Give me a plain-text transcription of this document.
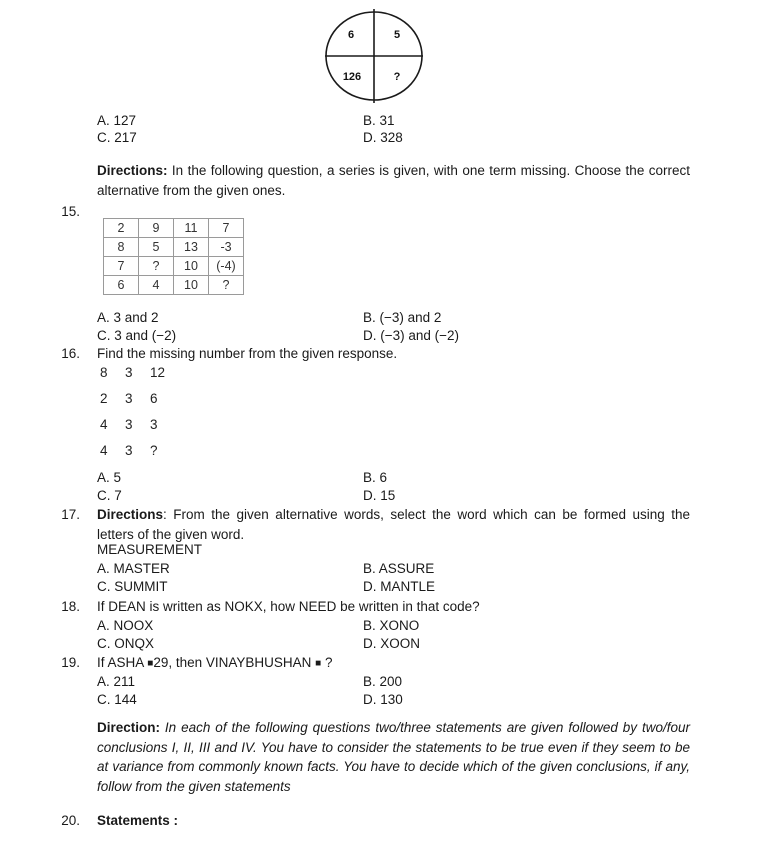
6	5
126	?
A. 127	B. 31
C. 217	D. 328
Directions: In the following question, a series is given, with one term missing. Choose the correct alternative from the given ones.
15.
2	9	11	7
8	5	13	-3
7	?	10	(-4)
6	4	10	?
A. 3 and 2	B. (−3) and 2
C. 3 and (−2)	D. (−3) and (−2)
16. Find the missing number from the given response.
8 3 12
2 3 6
4 3 3
4 3 ?
A. 5	B. 6
C. 7	D. 15
17. Directions: From the given alternative words, select the word which can be formed using the letters of the given word.
MEASUREMENT
A. MASTER	B. ASSURE
C. SUMMIT	D. MANTLE
18. If DEAN is written as NOKX, how NEED be written in that code?
A. NOOX	B. XONO
C. ONQX	D. XOON
19. If ASHA ■29, then VINAYBHUSHAN ■ ?
A. 211	B. 200
C. 144	D. 130
Direction: In each of the following questions two/three statements are given followed by two/four conclusions I, II, III and IV. You have to consider the statements to be true even if they seem to be at variance from commonly known facts. You have to decide which of the given conclusions, if any, follow from the given statements
20. Statements :
